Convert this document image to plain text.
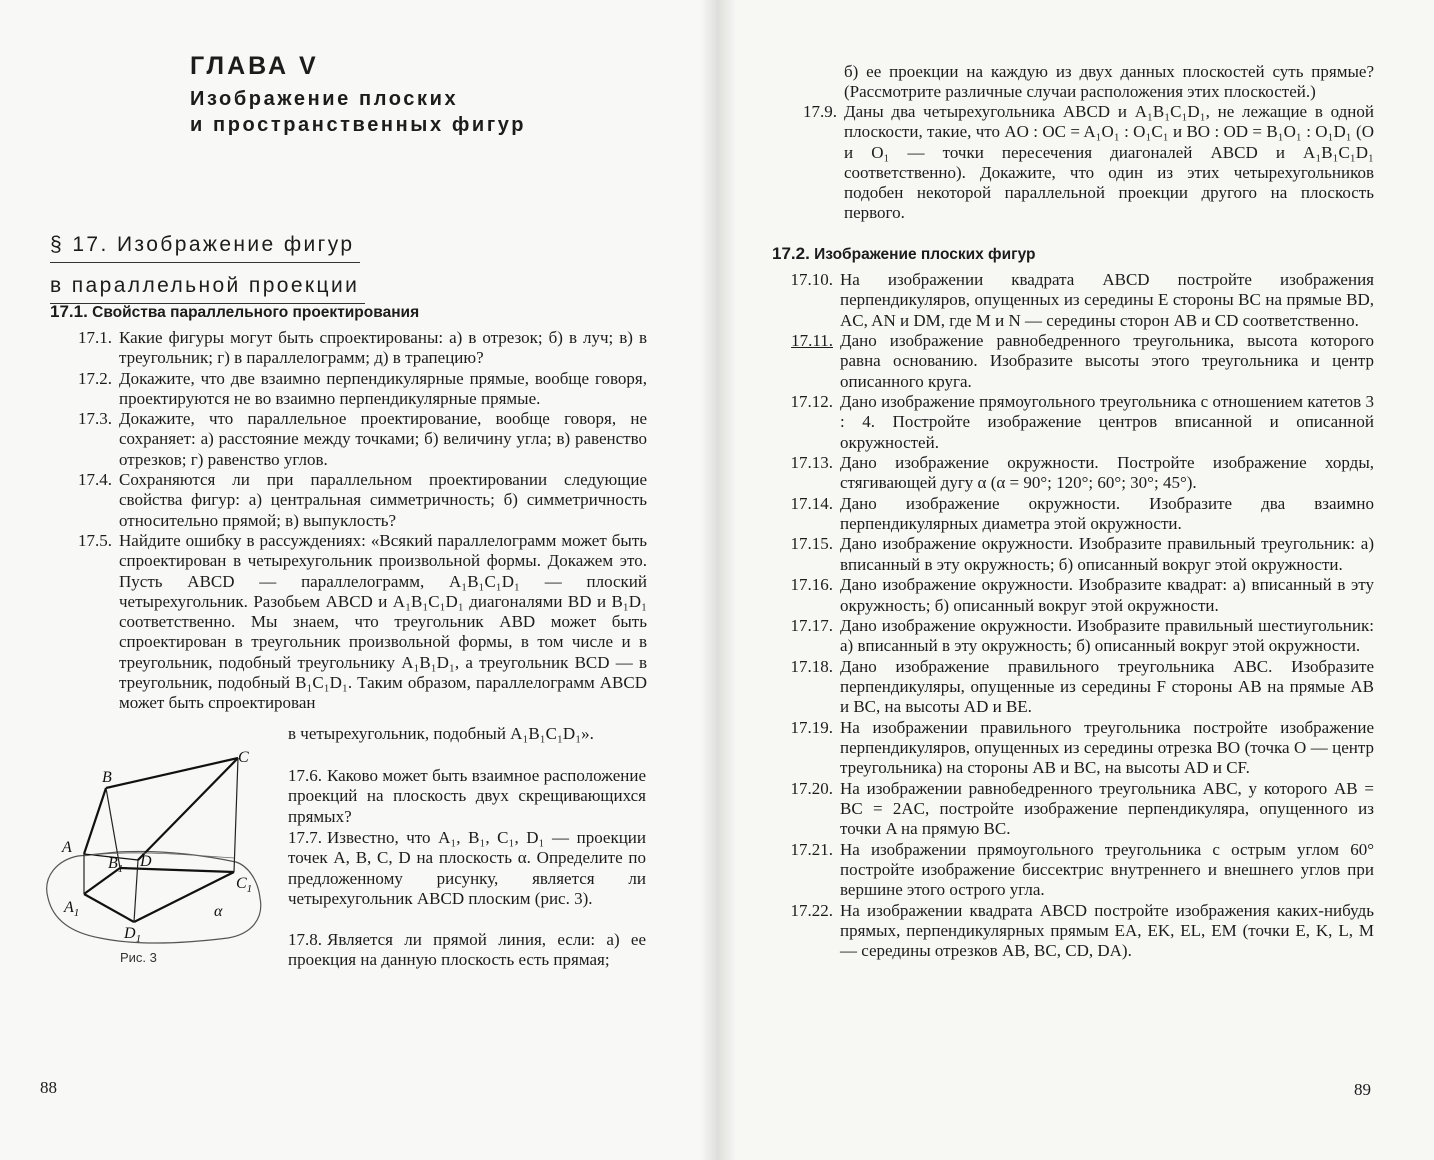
ГЛАВА V
Изображение плоских
и пространственных фигур
§ 17. Изображение фигур
в параллельной проекции
17.1. Свойства параллельного проектирования
17.1. Какие фигуры могут быть спроектированы: а) в отрезок; б) в луч; в) в треугольник; г) в параллелограмм; д) в трапецию?

17.2. Докажите, что две взаимно перпендикулярные прямые, вообще говоря, проектируются не во взаимно перпендикулярные прямые.

17.3. Докажите, что параллельное проектирование, вообще говоря, не сохраняет: а) расстояние между точками; б) величину угла; в) равенство отрезков; г) равенство углов.

17.4. Сохраняются ли при параллельном проектировании следующие свойства фигур: а) центральная симметричность; б) симметричность относительно прямой; в) выпуклость?

17.5. Найдите ошибку в рассуждениях: «Всякий параллелограмм может быть спроектирован в четырехугольник произвольной формы. Докажем это. Пусть ABCD — параллелограмм, A₁B₁C₁D₁ — плоский четырехугольник. Разобьем ABCD и A₁B₁C₁D₁ диагоналями BD и B₁D₁ соответственно. Мы знаем, что треугольник ABD может быть спроектирован в треугольник произвольной формы, в том числе и в треугольник, подобный треугольнику A₁B₁D₁, а треугольник BCD — в треугольник, подобный B₁C₁D₁. Таким образом, параллелограмм ABCD может быть спроектирован

в четырехугольник, подобный A₁B₁C₁D₁».

17.6. Каково может быть взаимное расположение проекций на плоскость двух скрещивающихся прямых?

17.7. Известно, что A₁, B₁, C₁, D₁ — проекции точек A, B, C, D на плоскость α. Определите по предложенному рисунку, является ли четырехугольник ABCD плоским (рис. 3).

17.8. Является ли прямой линия, если: а) ее проекция на данную плоскость есть прямая;

B
C
A
$B_1$ D
$C_1$
$A_1$	α
$D_1$

Рис. 3

88

б) ее проекции на каждую из двух данных плоскостей суть прямые? (Рассмотрите различные случаи расположения этих плоскостей.)

17.9. Даны два четырехугольника ABCD и A₁B₁C₁D₁, не лежащие в одной плоскости, такие, что AO : OC = A₁O₁ : O₁C₁ и BO : OD = B₁O₁ : O₁D₁ (O и O₁ — точки пересечения диагоналей ABCD и A₁B₁C₁D₁ соответственно). Докажите, что один из этих четырехугольников подобен некоторой параллельной проекции другого на плоскость первого.

17.2. Изображение плоских фигур
17.10. На изображении квадрата ABCD постройте изображения перпендикуляров, опущенных из середины E стороны BC на прямые BD, AC, AN и DM, где M и N — середины сторон AB и CD соответственно.

17.11. Дано изображение равнобедренного треугольника, высота которого равна основанию. Изобразите высоты этого треугольника и центр описанного круга.

17.12. Дано изображение прямоугольного треугольника с отношением катетов 3 : 4. Постройте изображение центров вписанной и описанной окружностей.

17.13. Дано изображение окружности. Постройте изображение хорды, стягивающей дугу α (α = 90°; 120°; 60°; 30°; 45°).

17.14. Дано изображение окружности. Изобразите два взаимно перпендикулярных диаметра этой окружности.

17.15. Дано изображение окружности. Изобразите правильный треугольник: а) вписанный в эту окружность; б) описанный вокруг этой окружности.

17.16. Дано изображение окружности. Изобразите квадрат: а) вписанный в эту окружность; б) описанный вокруг этой окружности.

17.17. Дано изображение окружности. Изобразите правильный шестиугольник: а) вписанный в эту окружность; б) описанный вокруг этой окружности.

17.18. Дано изображение правильного треугольника ABC. Изобразите перпендикуляры, опущенные из середины F стороны AB на прямые AB и BC, на высоты AD и BE.

17.19. На изображении правильного треугольника постройте изображение перпендикуляров, опущенных из середины отрезка BO (точка O — центр треугольника) на стороны AB и BC, на высоты AD и CF.

17.20. На изображении равнобедренного треугольника ABC, у которого AB = BC = 2AC, постройте изображение перпендикуляра, опущенного из точки A на прямую BC.

17.21. На изображении прямоугольного треугольника с острым углом 60° постройте изображение биссектрис внутреннего и внешнего углов при вершине этого острого угла.

17.22. На изображении квадрата ABCD постройте изображения каких-нибудь прямых, перпендикулярных прямым EA, EK, EL, EM (точки E, K, L, M — середины отрезков AB, BC, CD, DA).

89
